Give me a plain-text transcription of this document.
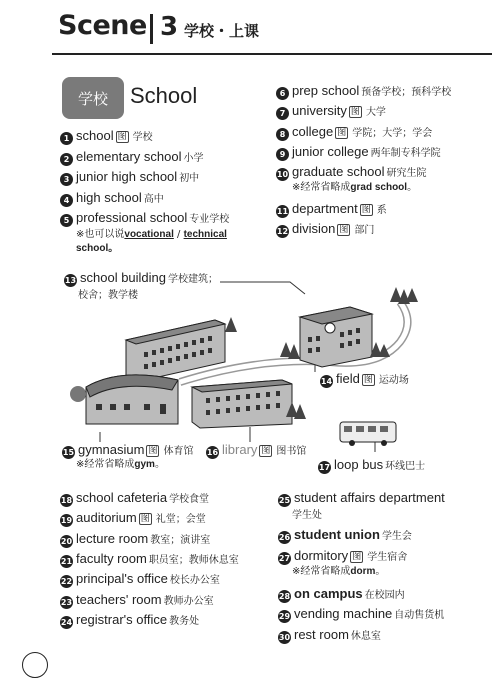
Scene 3 学校・上课
学校	School
1 school 图 学校
2 elementary school 小学
3 junior high school 初中
4 high school 高中
5 professional school 专业学校
※也可以说vocational / technical
school。
6 prep school 预备学校；预科学校
7 university 图 大学
8 college 图 学院；大学；学会
9 junior college 两年制专科学院
10 graduate school 研究生院
※经常省略成grad school。
11 department 图 系
12 division 图 部门
13 school building 学校建筑；
校舍；教学楼
14 field 图 运动场
15 gymnasium 图 体育馆
※经常省略成gym。
16 library 图 图书馆
17 loop bus 环线巴士
18 school cafeteria 学校食堂
19 auditorium 图 礼堂；会堂
20 lecture room 教室；演讲室
21 faculty room 职员室；教师休息室
22 principal's office 校长办公室
23 teachers' room 教师办公室
24 registrar's office 教务处
25 student affairs department
学生处
26 student union 学生会
27 dormitory 图 学生宿舍
※经常省略成dorm。
28 on campus 在校园内
29 vending machine 自动售货机
30 rest room 休息室
